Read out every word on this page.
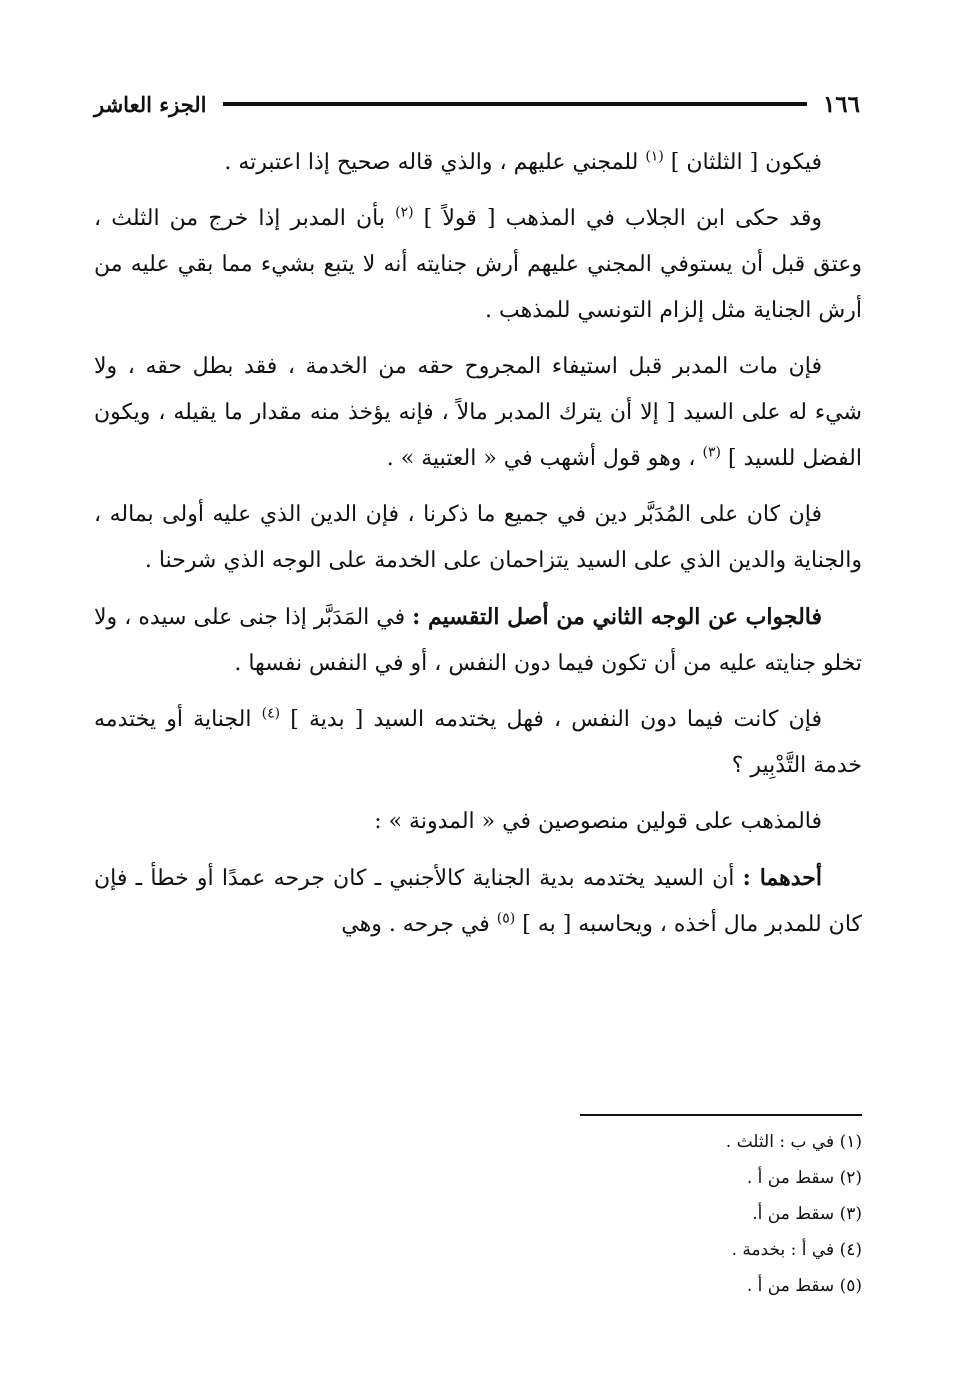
١٦٦
الجزء العاشر

فيكون [ الثلثان ] $^{(١)}$ للمجني عليهم ، والذي قاله صحيح إذا اعتبرته .

وقد حكى ابن الجلاب في المذهب [ قولاً ] $^{(٢)}$ بأن المدبر إذا خرج من الثلث ، وعتق قبل أن يستوفي المجني عليهم أرش جنايته أنه لا يتبع بشيء مما بقي عليه من أرش الجناية مثل إلزام التونسي للمذهب .

فإن مات المدبر قبل استيفاء المجروح حقه من الخدمة ، فقد بطل حقه ، ولا شيء له على السيد [ إلا أن يترك المدبر مالاً ، فإنه يؤخذ منه مقدار ما يقيله ، ويكون الفضل للسيد ] $^{(٣)}$ ، وهو قول أشهب في « العتبية » .

فإن كان على المُدَبَّر دين في جميع ما ذكرنا ، فإن الدين الذي عليه أولى بماله ، والجناية والدين الذي على السيد يتزاحمان على الخدمة على الوجه الذي شرحنا .

فالجواب عن الوجه الثاني من أصل التقسيم : في المَدَبَّر إذا جنى على سيده ، ولا تخلو جنايته عليه من أن تكون فيما دون النفس ، أو في النفس نفسها .

فإن كانت فيما دون النفس ، فهل يختدمه السيد [ بدية ] $^{(٤)}$ الجناية أو يختدمه خدمة التَّدْبِير ؟

فالمذهب على قولين منصوصين في « المدونة » :

أحدهما : أن السيد يختدمه بدية الجناية كالأجنبي ـ كان جرحه عمدًا أو خطأ ـ فإن كان للمدبر مال أخذه ، ويحاسبه [ به ] $^{(٥)}$ في جرحه . وهي

(١) في ب : الثلث .
(٢) سقط من أ .
(٣) سقط من أ.
(٤) في أ : بخدمة .
(٥) سقط من أ .
